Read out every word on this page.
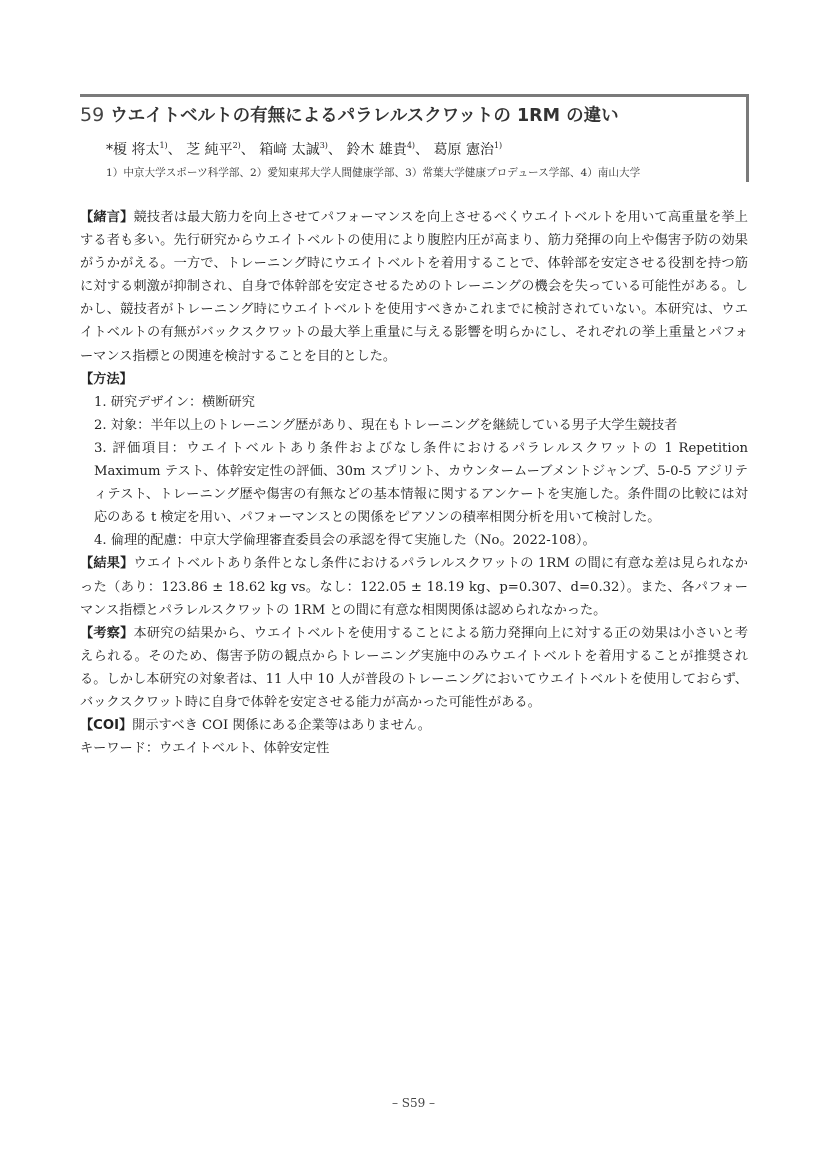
59 ウエイトベルトの有無によるパラレルスクワットの 1RM の違い
*榎 将太$^{1)}$、 芝 純平$^{2)}$、 箱﨑 太誠$^{3)}$、 鈴木 雄貴$^{4)}$、 葛原 憲治$^{1)}$
1）中京大学スポーツ科学部、2）愛知東邦大学人間健康学部、3）常葉大学健康プロデュース学部、4）南山大学

【緒言】競技者は最大筋力を向上させてパフォーマンスを向上させるべくウエイトベルトを用いて高重量を挙上する者も多い。先行研究からウエイトベルトの使用により腹腔内圧が高まり、筋力発揮の向上や傷害予防の効果がうかがえる。一方で、トレーニング時にウエイトベルトを着用することで、体幹部を安定させる役割を持つ筋に対する刺激が抑制され、自身で体幹部を安定させるためのトレーニングの機会を失っている可能性がある。しかし、競技者がトレーニング時にウエイトベルトを使用すべきかこれまでに検討されていない。本研究は、ウエイトベルトの有無がバックスクワットの最大挙上重量に与える影響を明らかにし、それぞれの挙上重量とパフォーマンス指標との関連を検討することを目的とした。

【方法】

1. 研究デザイン：横断研究

2. 対象：半年以上のトレーニング歴があり、現在もトレーニングを継続している男子大学生競技者

3. 評価項目：ウエイトベルトあり条件およびなし条件におけるパラレルスクワットの 1 Repetition Maximum テスト、体幹安定性の評価、30m スプリント、カウンタームーブメントジャンプ、5-0-5 アジリティテスト、トレーニング歴や傷害の有無などの基本情報に関するアンケートを実施した。条件間の比較には対応のある t 検定を用い、パフォーマンスとの関係をピアソンの積率相関分析を用いて検討した。

4. 倫理的配慮：中京大学倫理審査委員会の承認を得て実施した（No。2022-108）。

【結果】ウエイトベルトあり条件となし条件におけるパラレルスクワットの 1RM の間に有意な差は見られなかった（あり：123.86 ± 18.62 kg vs。なし：122.05 ± 18.19 kg、p=0.307、d=0.32）。また、各パフォーマンス指標とパラレルスクワットの 1RM との間に有意な相関関係は認められなかった。

【考察】本研究の結果から、ウエイトベルトを使用することによる筋力発揮向上に対する正の効果は小さいと考えられる。そのため、傷害予防の観点からトレーニング実施中のみウエイトベルトを着用することが推奨される。しかし本研究の対象者は、11 人中 10 人が普段のトレーニングにおいてウエイトベルトを使用しておらず、バックスクワット時に自身で体幹を安定させる能力が高かった可能性がある。

【COI】開示すべき COI 関係にある企業等はありません。

キーワード：ウエイトベルト、体幹安定性

– S59 –
